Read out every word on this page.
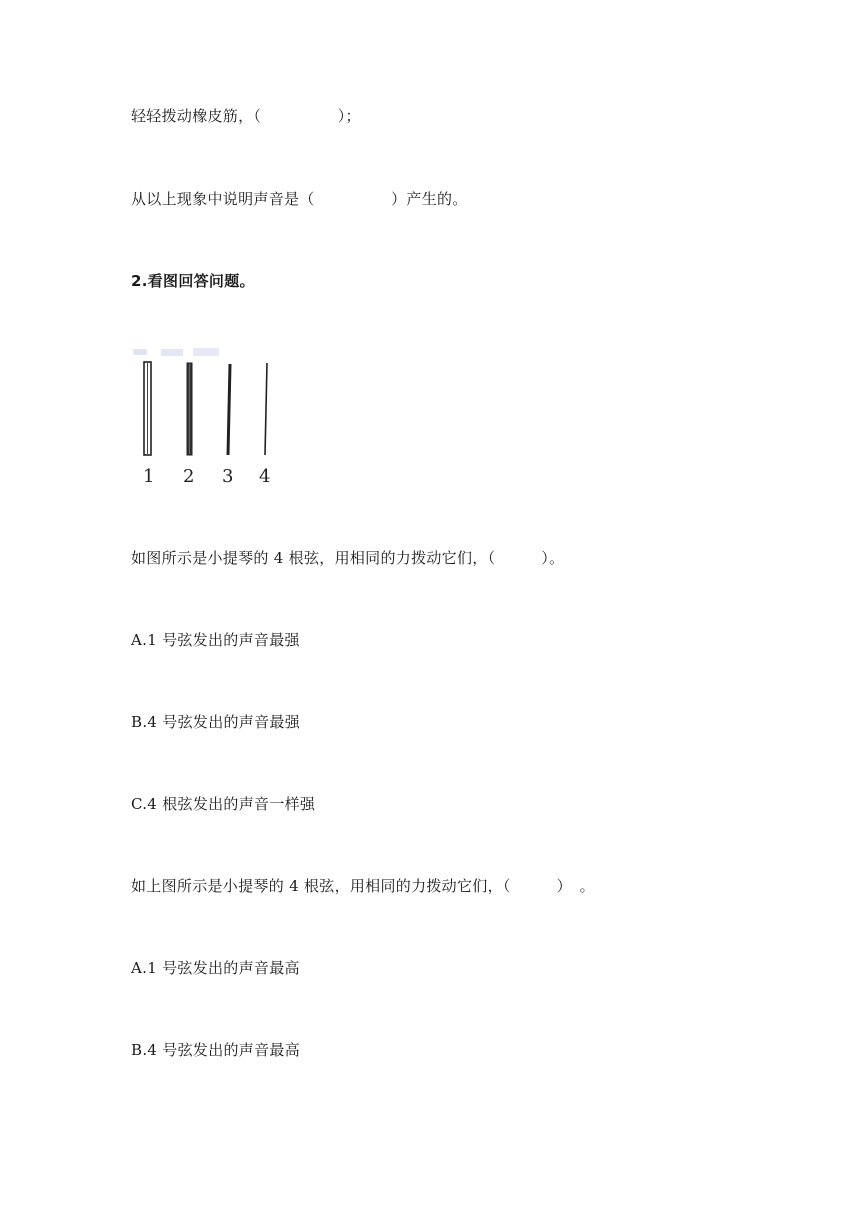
轻轻拨动橡皮筋，（　　　　　）；
从以上现象中说明声音是（　　　　　）产生的。
2.看图回答问题。
1 2 3 4
如图所示是小提琴的 4 根弦，用相同的力拨动它们，（　　　）。
A.1 号弦发出的声音最强
B.4 号弦发出的声音最强
C.4 根弦发出的声音一样强
如上图所示是小提琴的 4 根弦，用相同的力拨动它们，（　　　）　。
A.1 号弦发出的声音最高
B.4 号弦发出的声音最高
